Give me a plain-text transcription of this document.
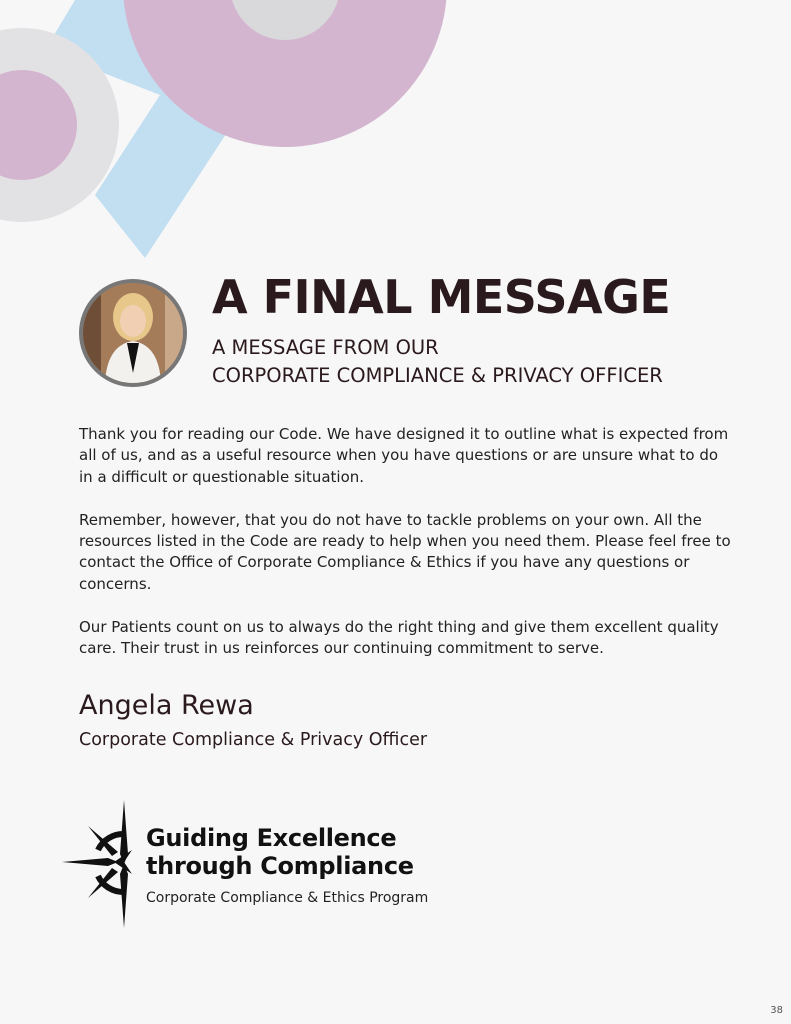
A FINAL MESSAGE
A MESSAGE FROM OUR
CORPORATE COMPLIANCE & PRIVACY OFFICER

Thank you for reading our Code. We have designed it to outline what is expected from all of us, and as a useful resource when you have questions or are unsure what to do in a difficult or questionable situation.

Remember, however, that you do not have to tackle problems on your own. All the resources listed in the Code are ready to help when you need them. Please feel free to contact the Office of Corporate Compliance & Ethics if you have any questions or concerns.

Our Patients count on us to always do the right thing and give them excellent quality care. Their trust in us reinforces our continuing commitment to serve.

Angela Rewa
Corporate Compliance & Privacy Officer
Guiding Excellence
through Compliance
Corporate Compliance & Ethics Program
38
